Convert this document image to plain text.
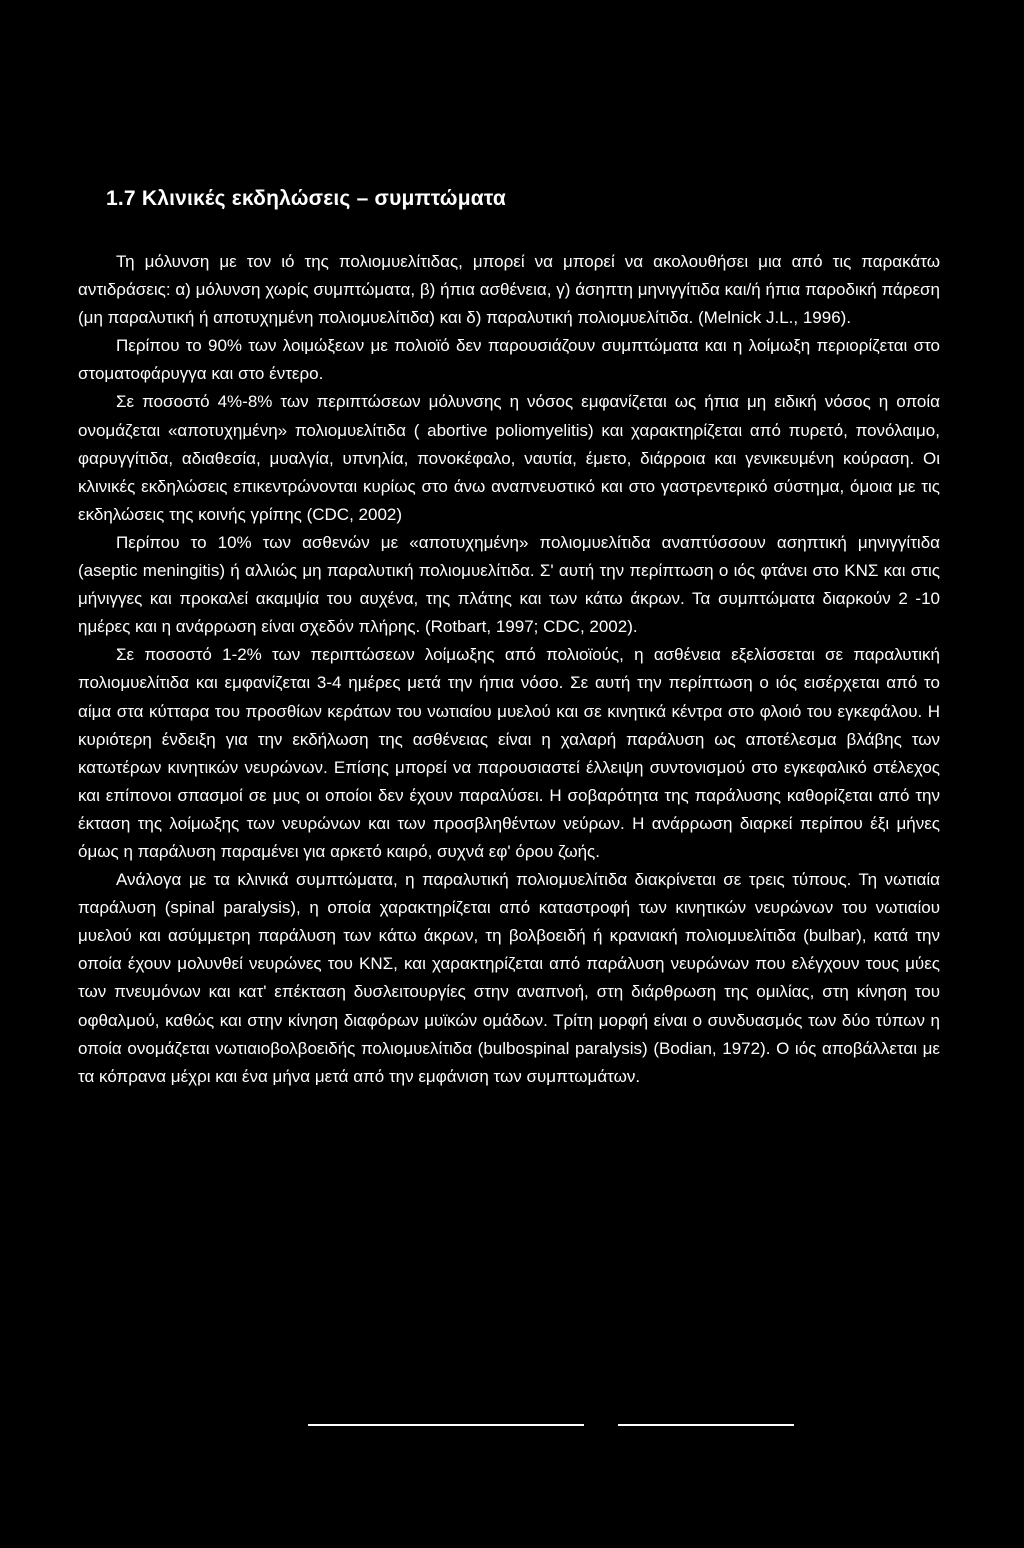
1.7 Κλινικές εκδηλώσεις – συμπτώματα

Τη μόλυνση με τον ιό της πολιομυελίτιδας, μπορεί να μπορεί να ακολουθήσει μια από τις παρακάτω αντιδράσεις: α) μόλυνση χωρίς συμπτώματα, β) ήπια ασθένεια, γ) άσηπτη μηνιγγίτιδα και/ή ήπια παροδική πάρεση (μη παραλυτική ή αποτυχημένη πολιομυελίτιδα) και δ) παραλυτική πολιομυελίτιδα. (Melnick J.L., 1996).

Περίπου το 90% των λοιμώξεων με πολιοϊό δεν παρουσιάζουν συμπτώματα και η λοίμωξη περιορίζεται στο στοματοφάρυγγα και στο έντερο.

Σε ποσοστό 4%-8% των περιπτώσεων μόλυνσης η νόσος εμφανίζεται ως ήπια μη ειδική νόσος η οποία ονομάζεται «αποτυχημένη» πολιομυελίτιδα ( abortive poliomyelitis) και χαρακτηρίζεται από πυρετό, πονόλαιμο, φαρυγγίτιδα, αδιαθεσία, μυαλγία, υπνηλία, πονοκέφαλο, ναυτία, έμετο, διάρροια και γενικευμένη κούραση. Οι κλινικές εκδηλώσεις επικεντρώνονται κυρίως στο άνω αναπνευστικό και στο γαστρεντερικό σύστημα, όμοια με τις εκδηλώσεις της κοινής γρίπης (CDC, 2002)

Περίπου το 10% των ασθενών με «αποτυχημένη» πολιομυελίτιδα αναπτύσσουν ασηπτική μηνιγγίτιδα (aseptic meningitis) ή αλλιώς μη παραλυτική πολιομυελίτιδα. Σ' αυτή την περίπτωση ο ιός φτάνει στο ΚΝΣ και στις μήνιγγες και προκαλεί ακαμψία του αυχένα, της πλάτης και των κάτω άκρων. Τα συμπτώματα διαρκούν 2 -10 ημέρες και η ανάρρωση είναι σχεδόν πλήρης. (Rotbart, 1997; CDC, 2002).

Σε ποσοστό 1-2% των περιπτώσεων λοίμωξης από πολιοϊούς, η ασθένεια εξελίσσεται σε παραλυτική πολιομυελίτιδα και εμφανίζεται 3-4 ημέρες μετά την ήπια νόσο. Σε αυτή την περίπτωση ο ιός εισέρχεται από το αίμα στα κύτταρα του προσθίων κεράτων του νωτιαίου μυελού και σε κινητικά κέντρα στο φλοιό του εγκεφάλου. Η κυριότερη ένδειξη για την εκδήλωση της ασθένειας είναι η χαλαρή παράλυση ως αποτέλεσμα βλάβης των κατωτέρων κινητικών νευρώνων. Επίσης μπορεί να παρουσιαστεί έλλειψη συντονισμού στο εγκεφαλικό στέλεχος και επίπονοι σπασμοί σε μυς οι οποίοι δεν έχουν παραλύσει. Η σοβαρότητα της παράλυσης καθορίζεται από την έκταση της λοίμωξης των νευρώνων και των προσβληθέντων νεύρων. Η ανάρρωση διαρκεί περίπου έξι μήνες όμως η παράλυση παραμένει για αρκετό καιρό, συχνά εφ' όρου ζωής.

Ανάλογα με τα κλινικά συμπτώματα, η παραλυτική πολιομυελίτιδα διακρίνεται σε τρεις τύπους. Τη νωτιαία παράλυση (spinal paralysis), η οποία χαρακτηρίζεται από καταστροφή των κινητικών νευρώνων του νωτιαίου μυελού και ασύμμετρη παράλυση των κάτω άκρων, τη βολβοειδή ή κρανιακή πολιομυελίτιδα (bulbar), κατά την οποία έχουν μολυνθεί νευρώνες του ΚΝΣ, και χαρακτηρίζεται από παράλυση νευρώνων που ελέγχουν τους μύες των πνευμόνων και κατ' επέκταση δυσλειτουργίες στην αναπνοή, στη διάρθρωση της ομιλίας, στη κίνηση του οφθαλμού, καθώς και στην κίνηση διαφόρων μυϊκών ομάδων. Τρίτη μορφή είναι ο συνδυασμός των δύο τύπων η οποία ονομάζεται νωτιαιοβολβοειδής πολιομυελίτιδα (bulbospinal paralysis) (Bodian, 1972). Ο ιός αποβάλλεται με τα κόπρανα μέχρι και ένα μήνα μετά από την εμφάνιση των συμπτωμάτων.
